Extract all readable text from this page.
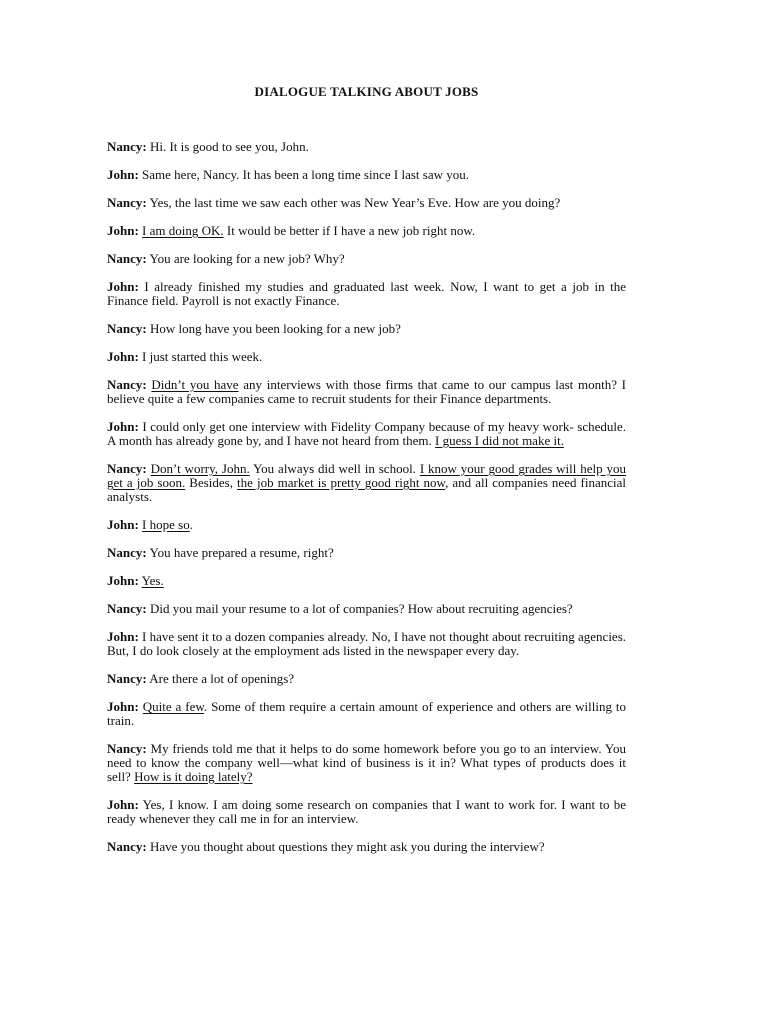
DIALOGUE TALKING ABOUT JOBS

Nancy: Hi. It is good to see you, John.

John: Same here, Nancy. It has been a long time since I last saw you.

Nancy: Yes, the last time we saw each other was New Year’s Eve. How are you doing?

John: I am doing OK. It would be better if I have a new job right now.

Nancy: You are looking for a new job? Why?

John: I already finished my studies and graduated last week. Now, I want to get a job in the Finance field. Payroll is not exactly Finance.

Nancy: How long have you been looking for a new job?

John: I just started this week.

Nancy: Didn’t you have any interviews with those firms that came to our campus last month? I believe quite a few companies came to recruit students for their Finance departments.

John: I could only get one interview with Fidelity Company because of my heavy work- schedule. A month has already gone by, and I have not heard from them. I guess I did not make it.

Nancy: Don’t worry, John. You always did well in school. I know your good grades will help you get a job soon. Besides, the job market is pretty good right now, and all companies need financial analysts.

John: I hope so.

Nancy: You have prepared a resume, right?

John: Yes.

Nancy: Did you mail your resume to a lot of companies? How about recruiting agencies?

John: I have sent it to a dozen companies already. No, I have not thought about recruiting agencies. But, I do look closely at the employment ads listed in the newspaper every day.

Nancy: Are there a lot of openings?

John: Quite a few. Some of them require a certain amount of experience and others are willing to train.

Nancy: My friends told me that it helps to do some homework before you go to an interview. You need to know the company well—what kind of business is it in? What types of products does it sell? How is it doing lately?

John: Yes, I know. I am doing some research on companies that I want to work for. I want to be ready whenever they call me in for an interview.

Nancy: Have you thought about questions they might ask you during the interview?
